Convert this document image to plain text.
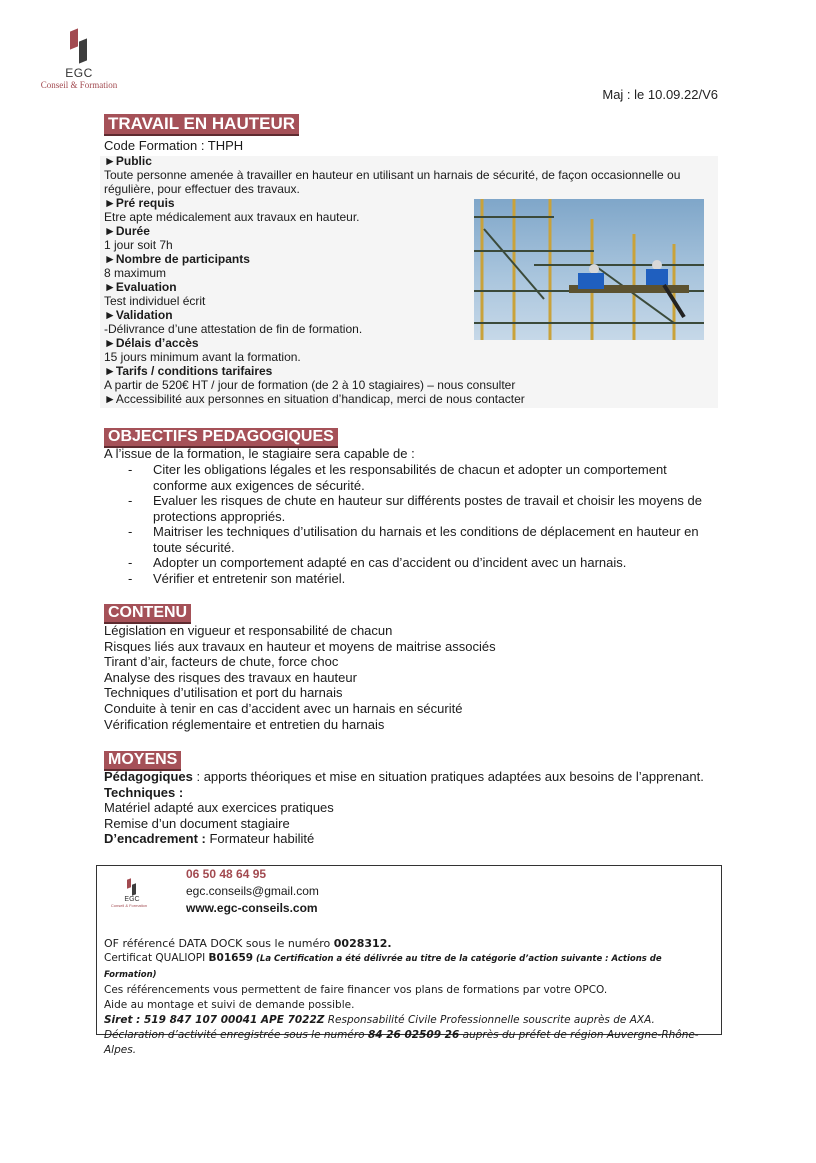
EGC
Conseil & Formation
Maj : le 10.09.22/V6
TRAVAIL EN HAUTEUR
Code Formation : THPH
►Public
Toute personne amenée à travailler en hauteur en utilisant un harnais de sécurité, de façon occasionnelle ou régulière, pour effectuer des travaux.
►Pré requis
Etre apte médicalement aux travaux en hauteur.
►Durée
1 jour soit 7h
►Nombre de participants
8 maximum
►Evaluation
Test individuel écrit
►Validation
-Délivrance d’une attestation de fin de formation.
►Délais d’accès
15 jours minimum avant la formation.
►Tarifs / conditions tarifaires
A partir de 520€ HT / jour de formation (de 2 à 10 stagiaires) – nous consulter
►Accessibilité aux personnes en situation d’handicap, merci de nous contacter
OBJECTIFS PEDAGOGIQUES
A l’issue de la formation, le stagiaire sera capable de :
- Citer les obligations légales et les responsabilités de chacun et adopter un comportement conforme aux exigences de sécurité.
- Evaluer les risques de chute en hauteur sur différents postes de travail et choisir les moyens de protections appropriés.
- Maitriser les techniques d’utilisation du harnais et les conditions de déplacement en hauteur en toute sécurité.
- Adopter un comportement adapté en cas d’accident ou d’incident avec un harnais.
- Vérifier et entretenir son matériel.
CONTENU
Législation en vigueur et responsabilité de chacun
Risques liés aux travaux en hauteur et moyens de maitrise associés
Tirant d’air, facteurs de chute, force choc
Analyse des risques des travaux en hauteur
Techniques d’utilisation et port du harnais
Conduite à tenir en cas d’accident avec un harnais en sécurité
Vérification réglementaire et entretien du harnais
MOYENS
Pédagogiques : apports théoriques et mise en situation pratiques adaptées aux besoins de l’apprenant.
Techniques :
Matériel adapté aux exercices pratiques
Remise d’un document stagiaire
D’encadrement : Formateur habilité
EGC
Conseil & Formation
06 50 48 64 95
egc.conseils@gmail.com
www.egc-conseils.com
OF référencé DATA DOCK sous le numéro 0028312.
Certificat QUALIOPI B01659 (La Certification a été délivrée au titre de la catégorie d’action suivante : Actions de Formation)
Ces référencements vous permettent de faire financer vos plans de formations par votre OPCO.
Aide au montage et suivi de demande possible.
Siret : 519 847 107 00041 APE 7022Z Responsabilité Civile Professionnelle souscrite auprès de AXA. Déclaration d’activité enregistrée sous le numéro 84 26 02509 26 auprès du préfet de région Auvergne-Rhône-Alpes.
